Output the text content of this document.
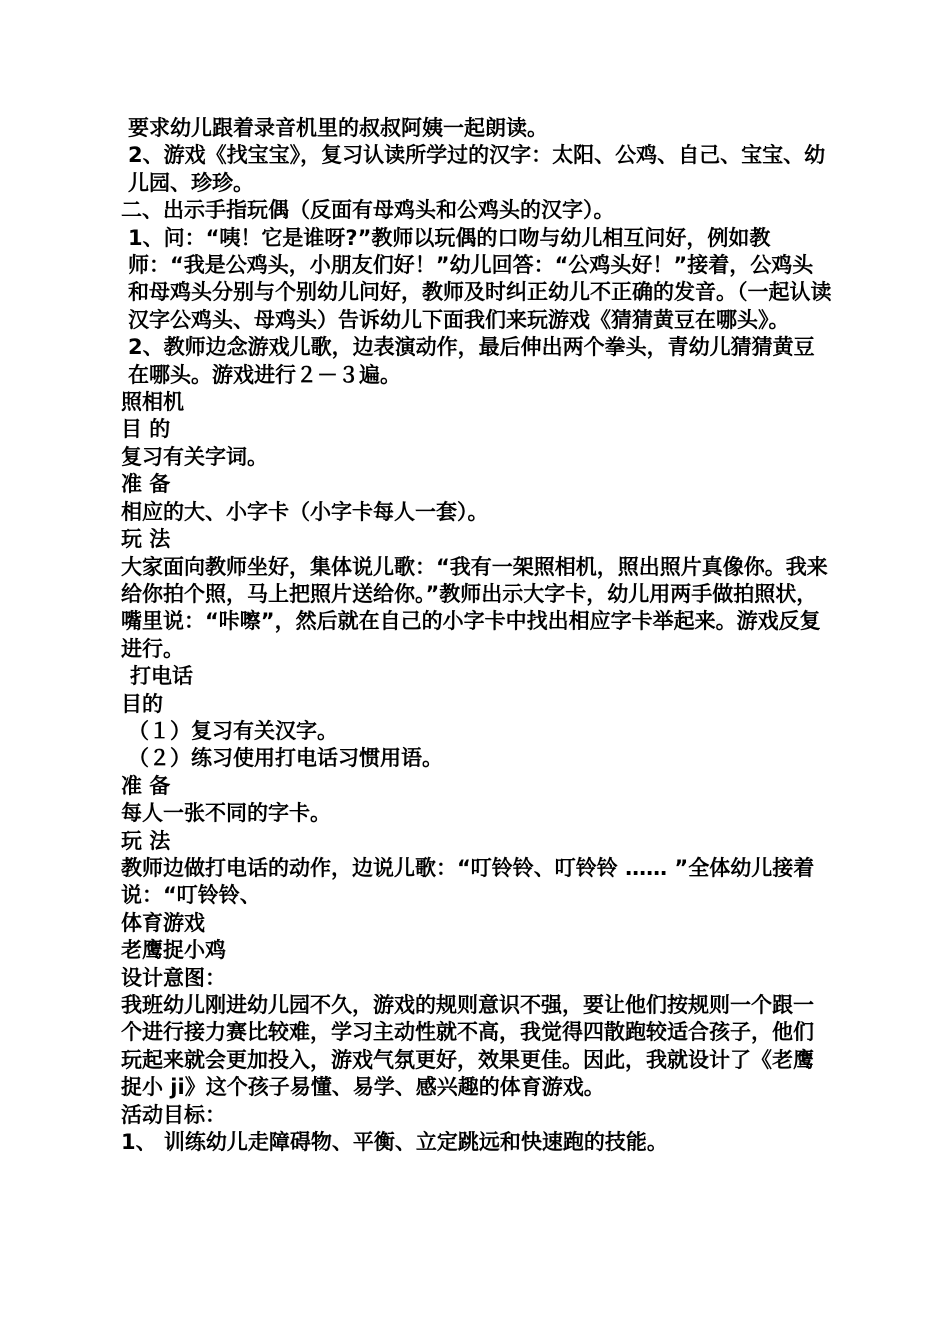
要求幼儿跟着录音机里的叔叔阿姨一起朗读。

2、游戏《找宝宝》，复习认读所学过的汉字：太阳、公鸡、自己、宝宝、幼儿园、珍珍。

二、出示手指玩偶（反面有母鸡头和公鸡头的汉字）。

1、问：“咦！它是谁呀?”教师以玩偶的口吻与幼儿相互问好，例如教师：“我是公鸡头，小朋友们好！”幼儿回答：“公鸡头好！”接着，公鸡头和母鸡头分别与个别幼儿问好，教师及时纠正幼儿不正确的发音。（一起认读汉字公鸡头、母鸡头）告诉幼儿下面我们来玩游戏《猜猜黄豆在哪头》。

2、教师边念游戏儿歌，边表演动作，最后伸出两个拳头，青幼儿猜猜黄豆在哪头。游戏进行２－３遍。

照相机

目 的

复习有关字词。

准 备

相应的大、小字卡（小字卡每人一套）。

玩 法

大家面向教师坐好，集体说儿歌：“我有一架照相机，照出照片真像你。我来给你拍个照，马上把照片送给你。”教师出示大字卡，幼儿用两手做拍照状，嘴里说：“咔嚓”，然后就在自己的小字卡中找出相应字卡举起来。游戏反复进行。

打电话

目的

（１）复习有关汉字。

（２）练习使用打电话习惯用语。

准 备

每人一张不同的字卡。

玩 法

教师边做打电话的动作，边说儿歌：“叮铃铃、叮铃铃 …… ”全体幼儿接着说：“叮铃铃、

体育游戏

老鹰捉小鸡

设计意图：

我班幼儿刚进幼儿园不久，游戏的规则意识不强，要让他们按规则一个跟一个进行接力赛比较难，学习主动性就不高，我觉得四散跑较适合孩子，他们玩起来就会更加投入，游戏气氛更好，效果更佳。因此，我就设计了《老鹰捉小 ji》这个孩子易懂、易学、感兴趣的体育游戏。

活动目标：

1、 训练幼儿走障碍物、平衡、立定跳远和快速跑的技能。
